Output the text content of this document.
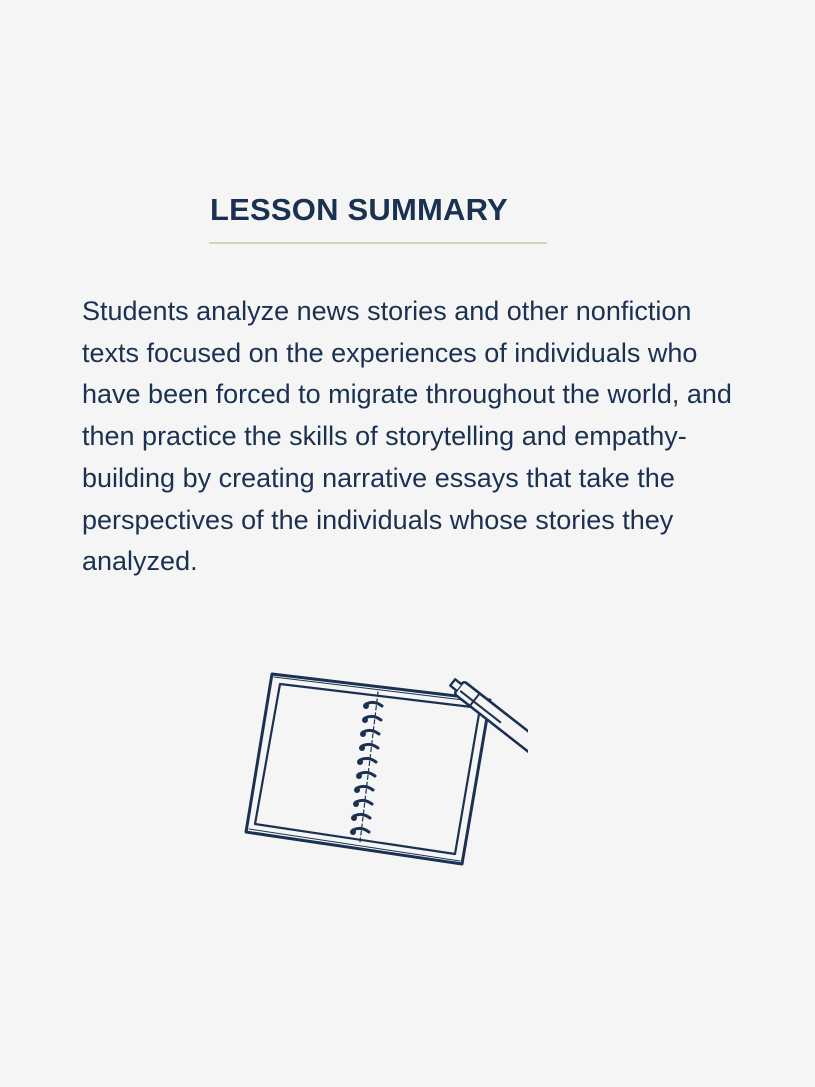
LESSON SUMMARY

Students analyze news stories and other nonfiction texts focused on the experiences of individuals who have been forced to migrate throughout the world, and then practice the skills of storytelling and empathy-building by creating narrative essays that take the perspectives of the individuals whose stories they analyzed.
